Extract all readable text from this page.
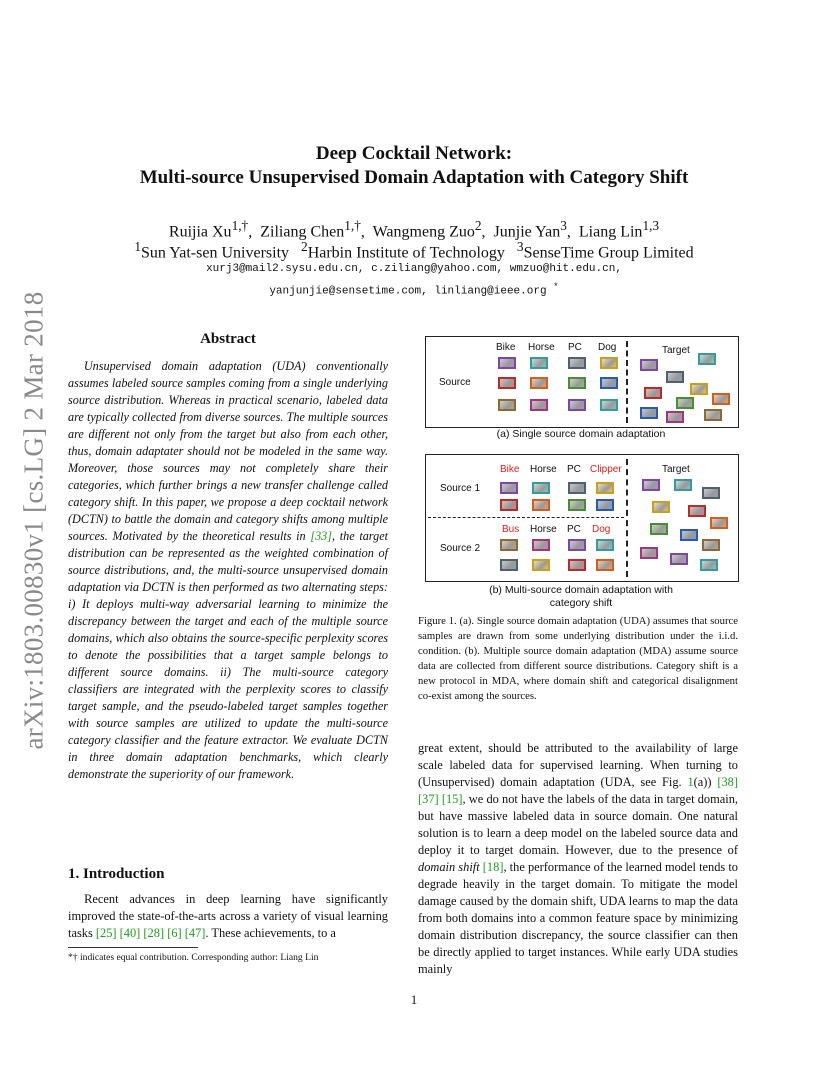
arXiv:1803.00830v1 [cs.LG] 2 Mar 2018
Deep Cocktail Network:
Multi-source Unsupervised Domain Adaptation with Category Shift
Ruijia $Xu^{1,\dagger}$,  Ziliang Chen$^{1,\dagger}$,  Wangmeng Zuo$^2$,  Junjie Yan$^3$,  Liang Lin$^{1,3}$
$^1$Sun Yat-sen University $^2$Harbin Institute of Technology $^3$SenseTime Group Limited
xurj3@mail2.sysu.edu.cn, c.ziliang@yahoo.com, wmzuo@hit.edu.cn,
yanjunjie@sensetime.com, linliang@ieee.org *
Abstract

Unsupervised domain adaptation (UDA) conventionally assumes labeled source samples coming from a single underlying source distribution. Whereas in practical scenario, labeled data are typically collected from diverse sources. The multiple sources are different not only from the target but also from each other, thus, domain adaptater should not be modeled in the same way. Moreover, those sources may not completely share their categories, which further brings a new transfer challenge called category shift. In this paper, we propose a deep cocktail network (DCTN) to battle the domain and category shifts among multiple sources. Motivated by the theoretical results in [33], the target distribution can be represented as the weighted combination of source distributions, and, the multi-source unsupervised domain adaptation via DCTN is then performed as two alternating steps: i) It deploys multi-way adversarial learning to minimize the discrepancy between the target and each of the multiple source domains, which also obtains the source-specific perplexity scores to denote the possibilities that a target sample belongs to different source domains. ii) The multi-source category classifiers are integrated with the perplexity scores to classify target sample, and the pseudo-labeled target samples together with source samples are utilized to update the multi-source category classifier and the feature extractor. We evaluate DCTN in three domain adaptation benchmarks, which clearly demonstrate the superiority of our framework.

1. Introduction

Recent advances in deep learning have significantly improved the state-of-the-arts across a variety of visual learning tasks [25] [40] [28] [6] [47]. These achievements, to a

*† indicates equal contribution. Corresponding author: Liang Lin
Bike Horse PC Dog
Source
Target
(a) Single source domain adaptation
Bike Horse PC Clipper
Source 1
Target
Bus Horse PC Dog
Source 2
(b) Multi-source domain adaptation with
category shift
Figure 1. (a). Single source domain adaptation (UDA) assumes that source samples are drawn from some underlying distribution under the i.i.d. condition. (b). Multiple source domain adaptation (MDA) assume source data are collected from different source distributions. Category shift is a new protocol in MDA, where domain shift and categorical disalignment co-exist among the sources.

great extent, should be attributed to the availability of large scale labeled data for supervised learning. When turning to (Unsupervised) domain adaptation (UDA, see Fig. 1(a)) [38] [37] [15], we do not have the labels of the data in target domain, but have massive labeled data in source domain. One natural solution is to learn a deep model on the labeled source data and deploy it to target domain. However, due to the presence of domain shift [18], the performance of the learned model tends to degrade heavily in the target domain. To mitigate the model damage caused by the domain shift, UDA learns to map the data from both domains into a common feature space by minimizing domain distribution discrepancy, the source classifier can then be directly applied to target instances. While early UDA studies mainly

1
